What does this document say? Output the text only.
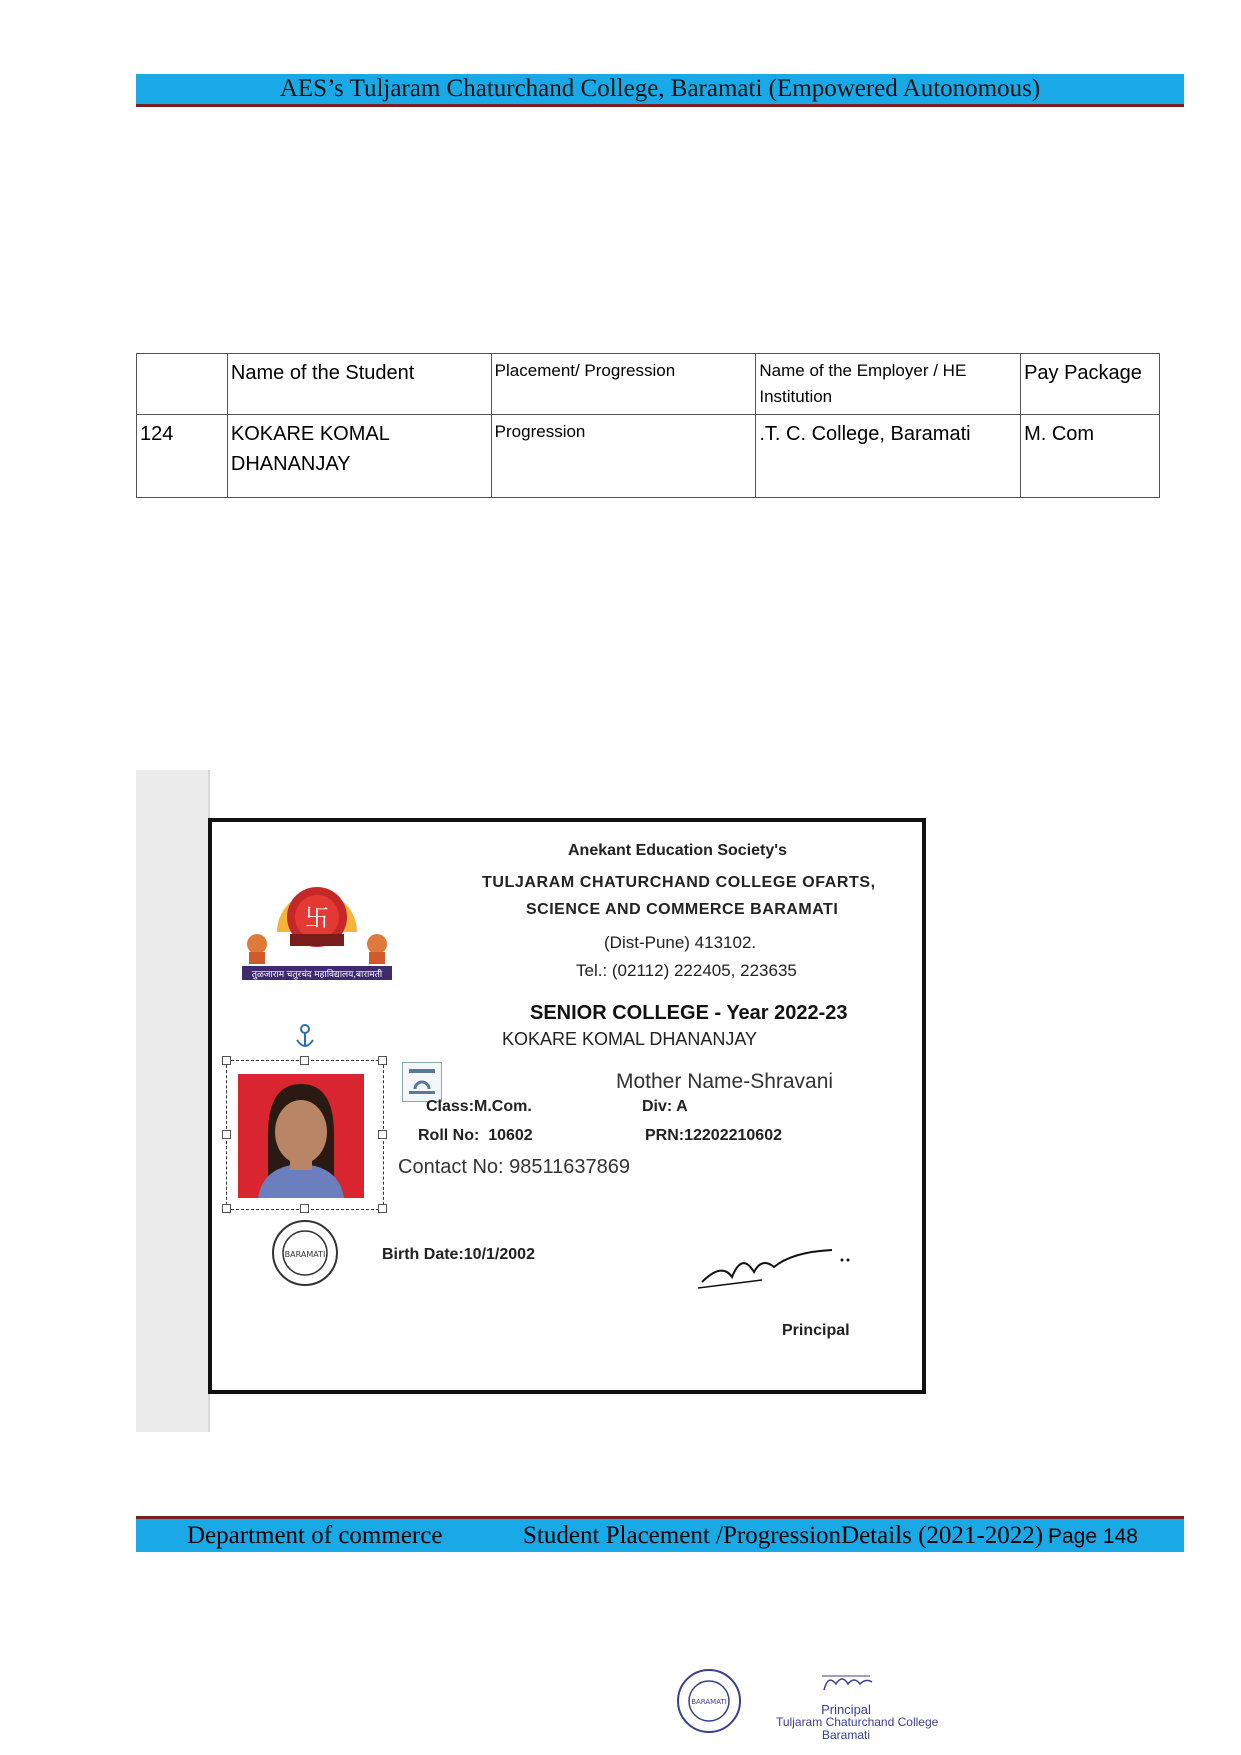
AES’s Tuljaram Chaturchand College, Baramati (Empowered Autonomous)
	Name of the Student	Placement/ Progression	Name of the Employer / HE Institution	Pay Package
124	KOKARE KOMAL DHANANJAY	Progression	.T. C. College, Baramati	M. Com
卐
तुळजाराम चतुरचंद महाविद्यालय,बारामती
Anekant Education Society's
TULJARAM CHATURCHAND COLLEGE OFARTS,
SCIENCE AND COMMERCE BARAMATI
(Dist-Pune) 413102.
Tel.: (02112) 222405, 223635
SENIOR COLLEGE - Year 2022-23
KOKARE KOMAL DHANANJAY
Mother Name-Shravani
Class:M.Com.	Div: A
Roll No:  10602	PRN:12202210602
Contact No: 98511637869
BARAMATI	Birth Date:10/1/2002
Principal
Department of commerce	Student Placement /ProgressionDetails (2021-2022) Page 148
BARAMATI	Principal
Tuljaram Chaturchand College
Baramati
